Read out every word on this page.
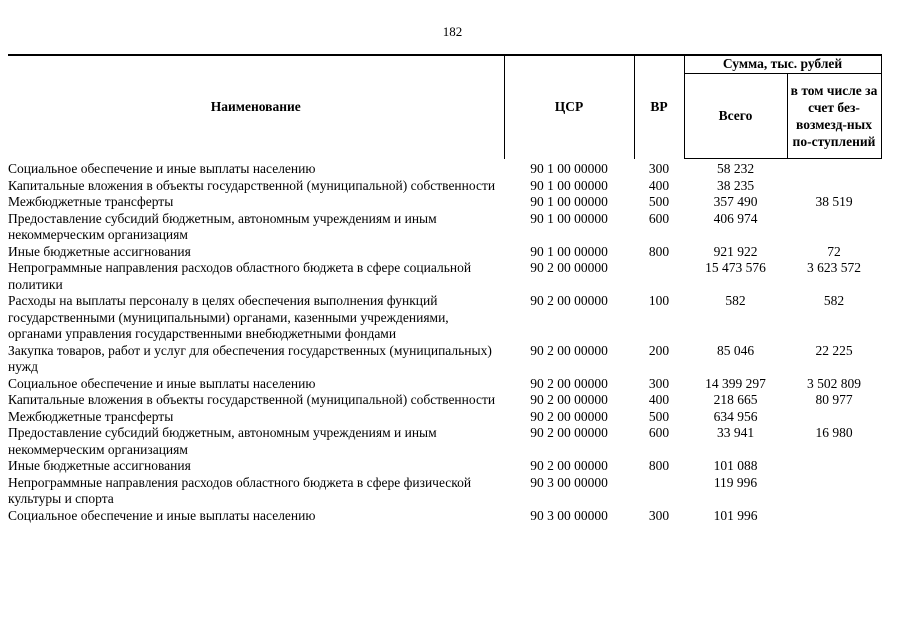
182
Наименование	ЦСР	ВР	Сумма, тыс. рублей	
			Всего	в том числе за счет без-возмезд-ных по-ступлений
Социальное обеспечение и иные выплаты населению	90 1 00 00000	300	58 232	
Капитальные вложения в объекты государственной (муниципальной) собственности	90 1 00 00000	400	38 235	
Межбюджетные трансферты	90 1 00 00000	500	357 490	38 519
Предоставление субсидий бюджетным, автономным учреждениям и иным некоммерческим организациям	90 1 00 00000	600	406 974	
Иные бюджетные ассигнования	90 1 00 00000	800	921 922	72
Непрограммные направления расходов областного бюджета в сфере социальной политики	90 2 00 00000		15 473 576	3 623 572
Расходы на выплаты персоналу в целях обеспечения выполнения функций государственными (муниципальными) органами, казенными учреждениями, органами управления государственными внебюджетными фондами	90 2 00 00000	100	582	582
Закупка товаров, работ и услуг для обеспечения государственных (муниципальных) нужд	90 2 00 00000	200	85 046	22 225
Социальное обеспечение и иные выплаты населению	90 2 00 00000	300	14 399 297	3 502 809
Капитальные вложения в объекты государственной (муниципальной) собственности	90 2 00 00000	400	218 665	80 977
Межбюджетные трансферты	90 2 00 00000	500	634 956	
Предоставление субсидий бюджетным, автономным учреждениям и иным некоммерческим организациям	90 2 00 00000	600	33 941	16 980
Иные бюджетные ассигнования	90 2 00 00000	800	101 088	
Непрограммные направления расходов областного бюджета в сфере физической культуры и спорта	90 3 00 00000		119 996	
Социальное обеспечение и иные выплаты населению	90 3 00 00000	300	101 996	
